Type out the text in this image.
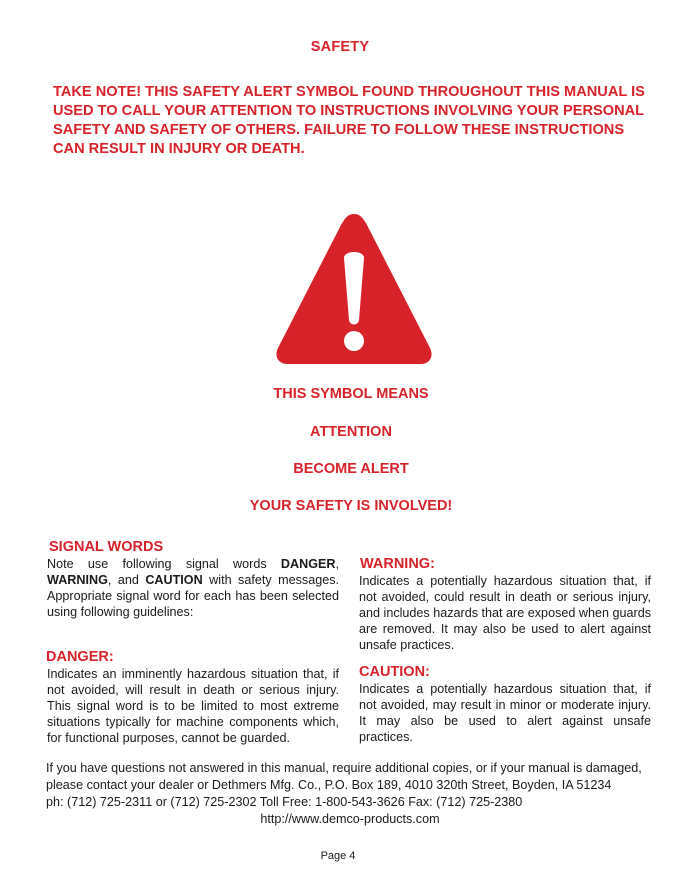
SAFETY
TAKE NOTE! THIS SAFETY ALERT SYMBOL FOUND THROUGHOUT THIS MANUAL IS USED TO CALL YOUR ATTENTION TO INSTRUCTIONS INVOLVING YOUR PERSONAL SAFETY AND SAFETY OF OTHERS. FAILURE TO FOLLOW THESE INSTRUCTIONS CAN RESULT IN INJURY OR DEATH.
THIS SYMBOL MEANS
ATTENTION
BECOME ALERT
YOUR SAFETY IS INVOLVED!
SIGNAL WORDS
Note use following signal words DANGER, WARNING, and CAUTION with safety messages. Appropriate signal word for each has been selected using following guidelines:
DANGER:
Indicates an imminently hazardous situation that, if not avoided, will result in death or serious injury. This signal word is to be limited to most extreme situations typically for machine components which, for functional purposes, cannot be guarded.
WARNING:
Indicates a potentially hazardous situation that, if not avoided, could result in death or serious injury, and includes hazards that are exposed when guards are removed. It may also be used to alert against unsafe practices.
CAUTION:
Indicates a potentially hazardous situation that, if not avoided, may result in minor or moderate injury. It may also be used to alert against unsafe practices.
If you have questions not answered in this manual, require additional copies, or if your manual is damaged,
please contact your dealer or Dethmers Mfg. Co., P.O. Box 189, 4010 320th Street, Boyden, IA 51234
ph: (712) 725-2311 or (712) 725-2302 Toll Free: 1-800-543-3626 Fax: (712) 725-2380
http://www.demco-products.com
Page 4
